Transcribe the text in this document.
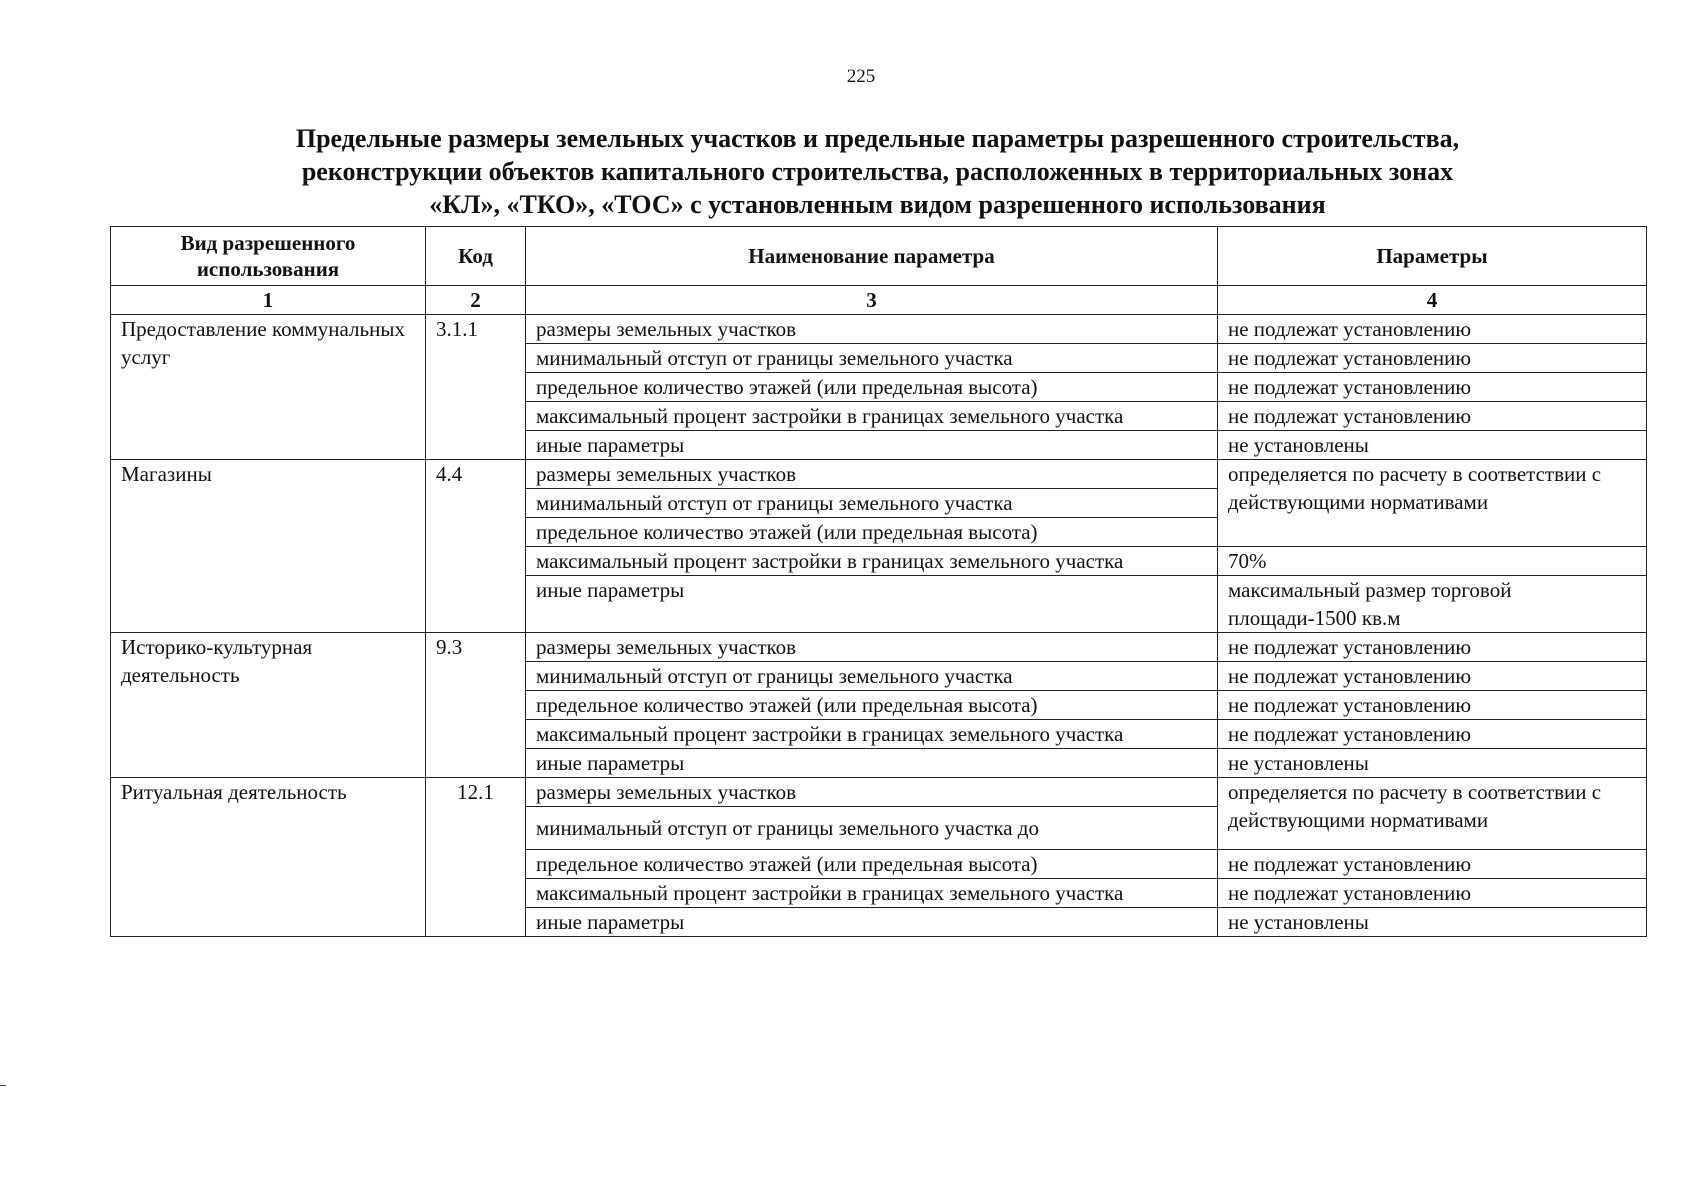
225
Предельные размеры земельных участков и предельные параметры разрешенного строительства,
реконструкции объектов капитального строительства, расположенных в территориальных зонах
«КЛ», «ТКО», «ТОС» с установленным видом разрешенного использования
Вид разрешенного использования	Код	Наименование параметра	Параметры
1	2	3	4
Предоставление коммунальных услуг	3.1.1	размеры земельных участков	не подлежат установлению
		минимальный отступ от границы земельного участка	не подлежат установлению
		предельное количество этажей (или предельная высота)	не подлежат установлению
		максимальный процент застройки в границах земельного участка	не подлежат установлению
		иные параметры	не установлены
Магазины	4.4	размеры земельных участков	определяется по расчету в соответствии с действующими нормативами
		минимальный отступ от границы земельного участка	
		предельное количество этажей (или предельная высота)	
		максимальный процент застройки в границах земельного участка	70%
		иные параметры	максимальный размер торговой площади-1500 кв.м
Историко-культурная деятельность	9.3	размеры земельных участков	не подлежат установлению
		минимальный отступ от границы земельного участка	не подлежат установлению
		предельное количество этажей (или предельная высота)	не подлежат установлению
		максимальный процент застройки в границах земельного участка	не подлежат установлению
		иные параметры	не установлены
Ритуальная деятельность	12.1	размеры земельных участков	определяется по расчету в соответствии с действующими нормативами
		минимальный отступ от границы земельного участка до	
		предельное количество этажей (или предельная высота)	не подлежат установлению
		максимальный процент застройки в границах земельного участка	не подлежат установлению
		иные параметры	не установлены
